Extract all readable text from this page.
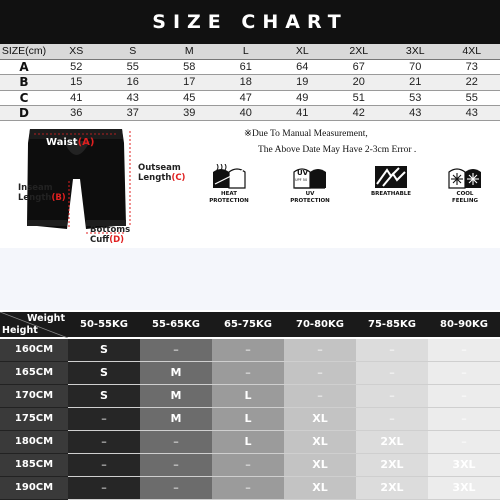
SIZE CHART
SIZE(cm)	XS	S	M	L	XL	2XL	3XL	4XL
A	52	55	58	61	64	67	70	73
B	15	16	17	18	19	20	21	22
C	41	43	45	47	49	51	53	55
D	36	37	39	40	41	42	43	43
Waist(A)
Outseam
Length(C)
Inseam
Length(B)
Bottoms
Cuff(D)
※Due To Manual Measurement,
The Above Date May Have 2-3cm Error .
HEAT
PROTECTION
UV
UPF 50
UV
PROTECTION
BREATHABLE	COOL
FEELING
Weight
Height	50-55KG	55-65KG	65-75KG	70-80KG	75-85KG	80-90KG
160CM	S	–	–	–	–	–
165CM	S	M	–	–	–	–
170CM	S	M	L	–	–	–
175CM	–	M	L	XL	–	–
180CM	–	–	L	XL	2XL	–
185CM	–	–	–	XL	2XL	3XL
190CM	–	–	–	XL	2XL	3XL
